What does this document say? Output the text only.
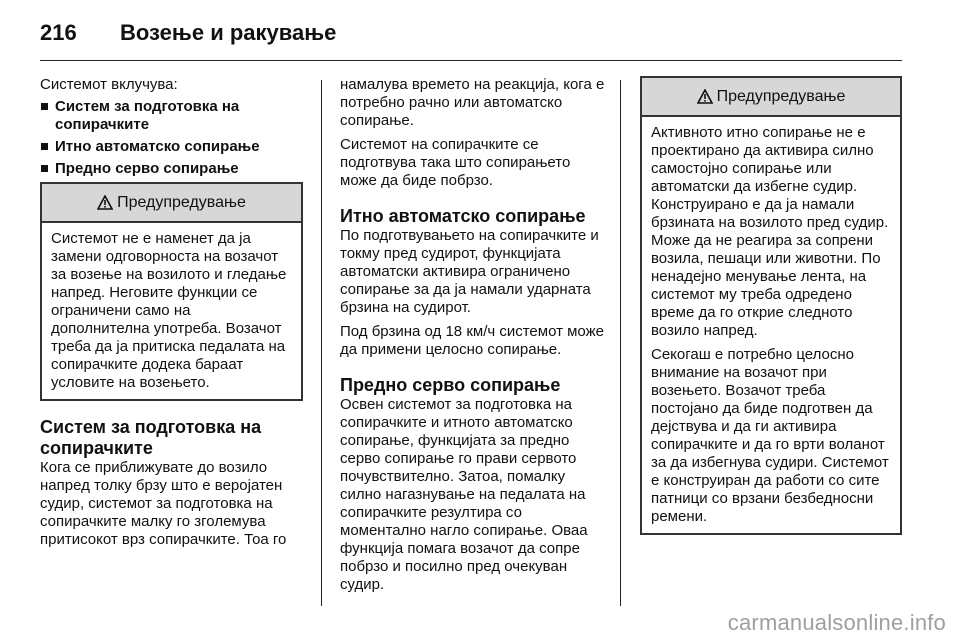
216 Возење и ракување

Системот вклучува:

Систем за подготовка на сопирачките
Итно автоматско сопирање
Предно серво сопирање
Предупредување

Системот не е наменет да ја замени одговорноста на возачот за возење на возилото и гледање напред. Неговите функции се ограничени само на дополнителна употреба. Возачот треба да ја притиска педалата на сопирачките додека бараат условите на возењето.

Систем за подготовка на сопирачките

Кога се приближувате до возило напред толку брзу што е веројатен судир, системот за подготовка на сопирачките малку го зголемува притисокот врз сопирачките. Тоа го

намалува времето на реакција, кога е потребно рачно или автоматско сопирање.

Системот на сопирачките се подготвува така што сопирањето може да биде побрзо.

Итно автоматско сопирање

По подготвувањето на сопирачките и токму пред судирот, функцијата автоматски активира ограничено сопирање за да ја намали ударната брзина на судирот.

Под брзина од 18 км/ч системот може да примени целосно сопирање.

Предно серво сопирање

Освен системот за подготовка на сопирачките и итното автоматско сопирање, функцијата за предно серво сопирање го прави сервото почувствително. Затоа, помалку силно нагазнување на педалата на сопирачките резултира со моментално нагло сопирање. Оваа функција помага возачот да сопре побрзо и посилно пред очекуван судир.

Предупредување

Активното итно сопирање не е проектирано да активира силно самостојно сопирање или автоматски да избегне судир. Конструирано е да ја намали брзината на возилото пред судир. Може да не реагира за сопрени возила, пешаци или животни. По ненадејно менување лента, на системот му треба одредено време да го открие следното возило напред.

Секогаш е потребно целосно внимание на возачот при возењето. Возачот треба постојано да биде подготвен да дејствува и да ги активира сопирачките и да го врти воланот за да избегнува судири. Системот е конструиран да работи со сите патници со врзани безбедносни ремени.

carmanualsonline.info
